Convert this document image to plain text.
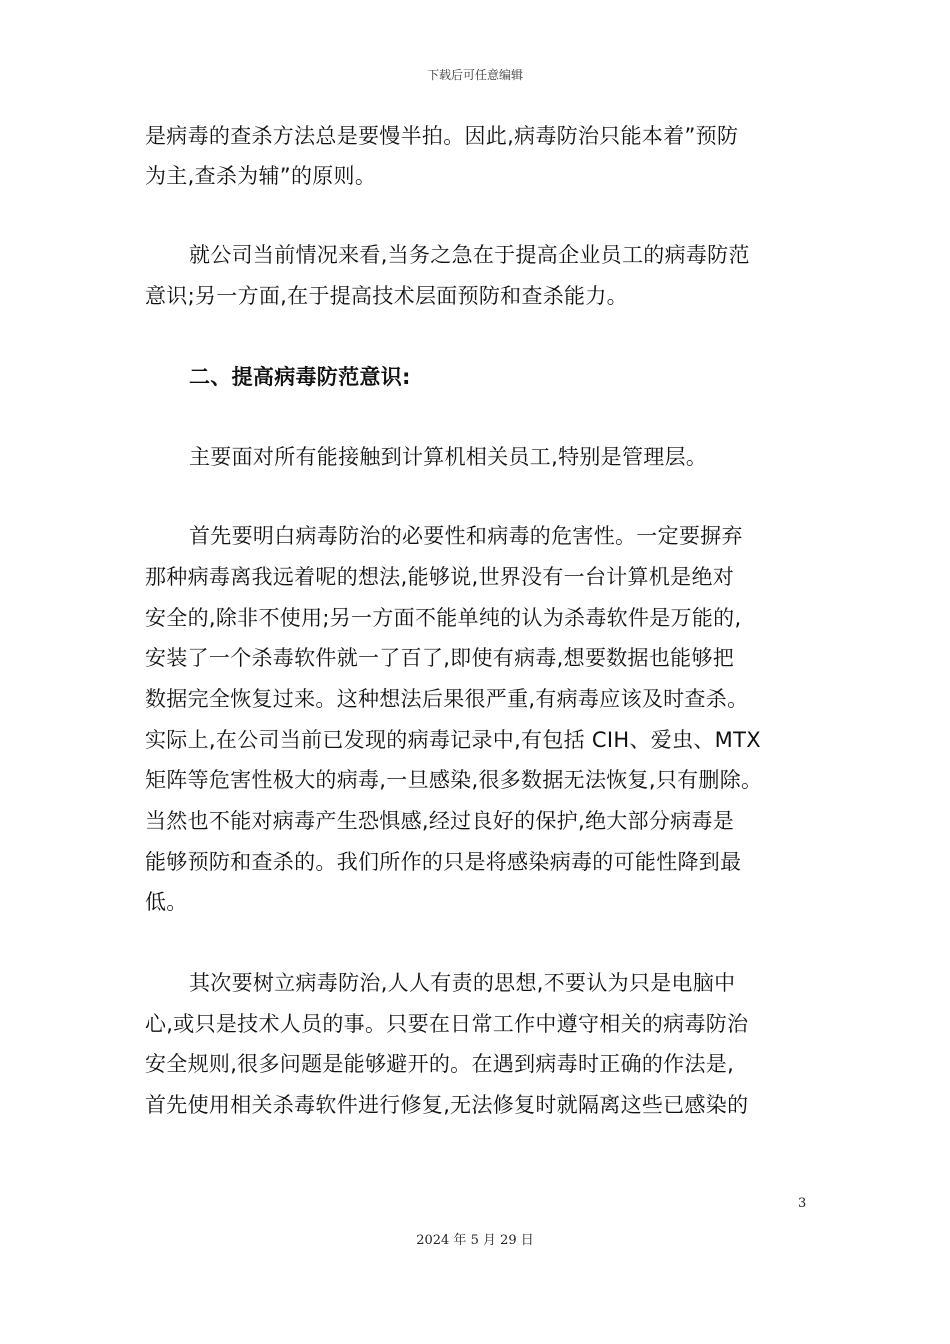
下载后可任意编辑
是病毒的查杀方法总是要慢半拍。因此,病毒防治只能本着”预防
为主,查杀为辅”的原则。
就公司当前情况来看,当务之急在于提高企业员工的病毒防范
意识;另一方面,在于提高技术层面预防和查杀能力。
二、提高病毒防范意识:
主要面对所有能接触到计算机相关员工,特别是管理层。
首先要明白病毒防治的必要性和病毒的危害性。一定要摒弃
那种病毒离我远着呢的想法,能够说,世界没有一台计算机是绝对
安全的,除非不使用;另一方面不能单纯的认为杀毒软件是万能的,
安装了一个杀毒软件就一了百了,即使有病毒,想要数据也能够把
数据完全恢复过来。这种想法后果很严重,有病毒应该及时查杀。
实际上,在公司当前已发现的病毒记录中,有包括 CIH、爱虫、MTX
矩阵等危害性极大的病毒,一旦感染,很多数据无法恢复,只有删除。
当然也不能对病毒产生恐惧感,经过良好的保护,绝大部分病毒是
能够预防和查杀的。我们所作的只是将感染病毒的可能性降到最
低。
其次要树立病毒防治,人人有责的思想,不要认为只是电脑中
心,或只是技术人员的事。只要在日常工作中遵守相关的病毒防治
安全规则,很多问题是能够避开的。在遇到病毒时正确的作法是,
首先使用相关杀毒软件进行修复,无法修复时就隔离这些已感染的
3
2024 年 5 月 29 日
